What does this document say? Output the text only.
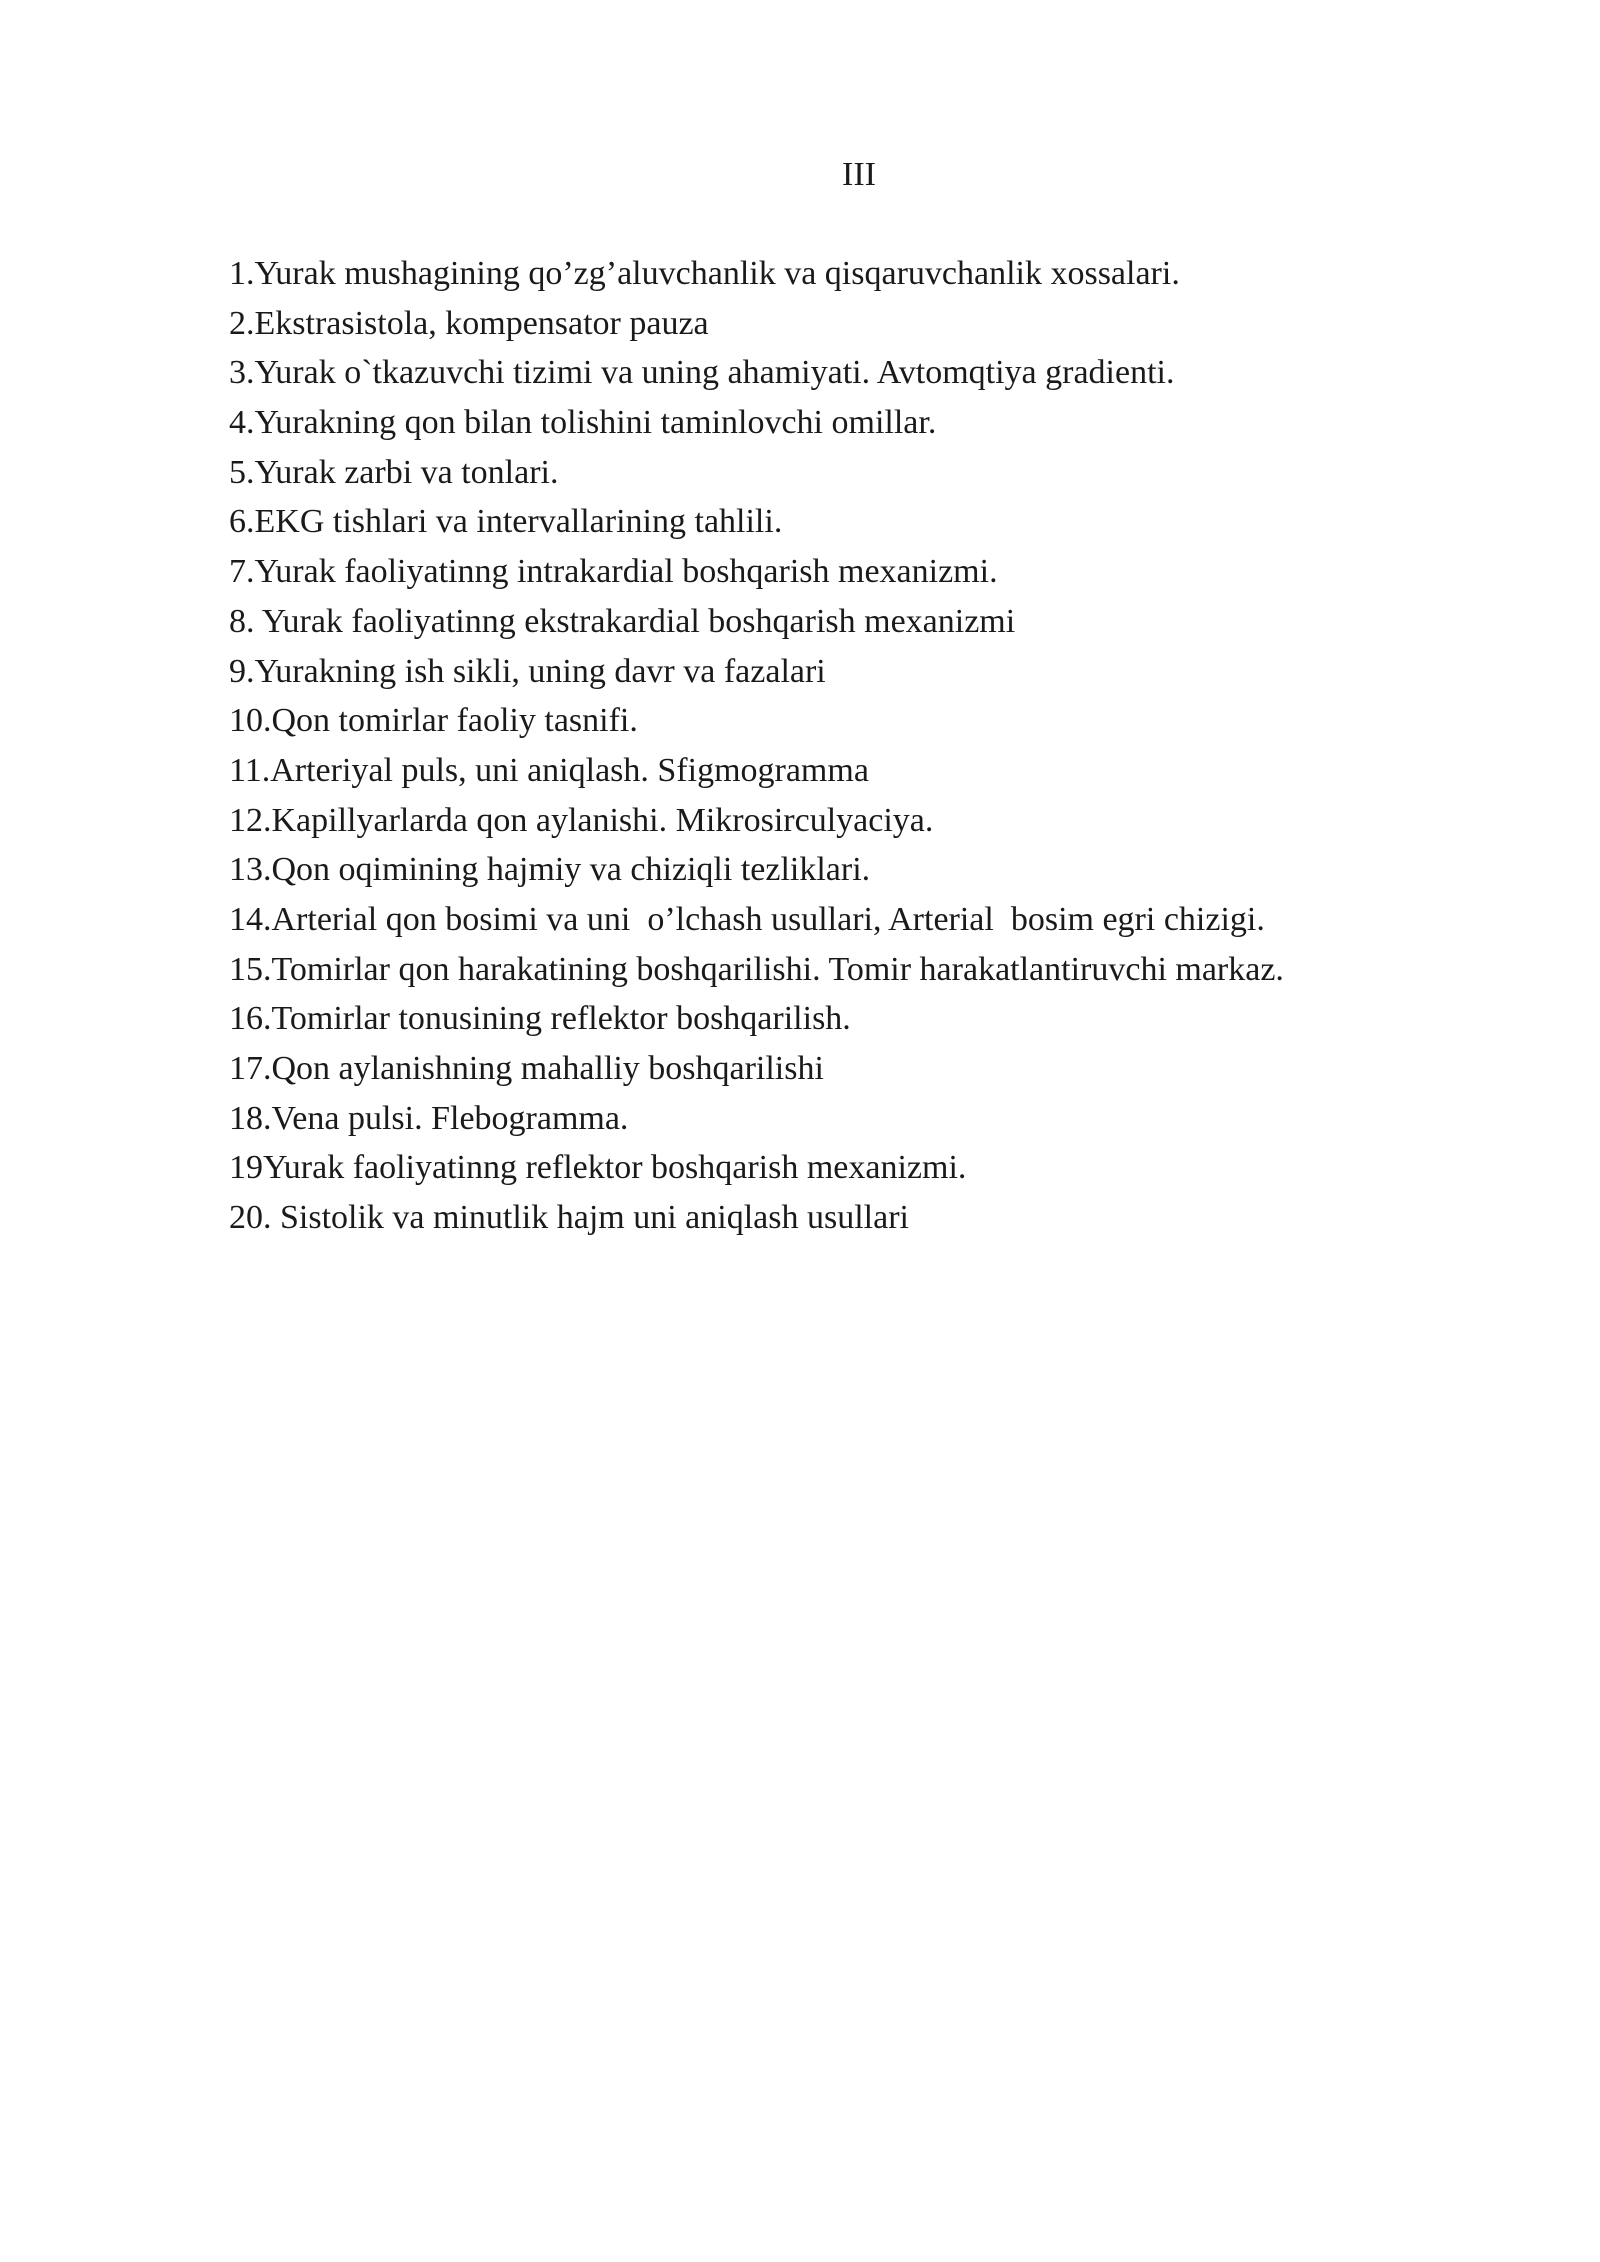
III
1.Yurak mushagining qo’zg’aluvchanlik va qisqaruvchanlik xossalari.
2.Ekstrasistola, kompensator pauza
3.Yurak o`tkazuvchi tizimi va uning ahamiyati. Avtomqtiya gradienti.
4.Yurakning qon bilan tolishini taminlovchi omillar.
5.Yurak zarbi va tonlari.
6.EKG tishlari va intervallarining tahlili.
7.Yurak faoliyatinng intrakardial boshqarish mexanizmi.
8. Yurak faoliyatinng ekstrakardial boshqarish mexanizmi
9.Yurakning ish sikli, uning davr va fazalari
10.Qon tomirlar faoliy tasnifi.
11.Arteriyal puls, uni aniqlash. Sfigmogramma
12.Kapillyarlarda qon aylanishi. Mikrosirculyaciya.
13.Qon oqimining hajmiy va chiziqli tezliklari.
14.Arterial qon bosimi va uni  o’lchash usullari, Arterial  bosim egri chizigi.
15.Tomirlar qon harakatining boshqarilishi. Tomir harakatlantiruvchi markaz.
16.Tomirlar tonusining reflektor boshqarilish.
17.Qon aylanishning mahalliy boshqarilishi
18.Vena pulsi. Flebogramma.
19Yurak faoliyatinng reflektor boshqarish mexanizmi.
20. Sistolik va minutlik hajm uni aniqlash usullari
